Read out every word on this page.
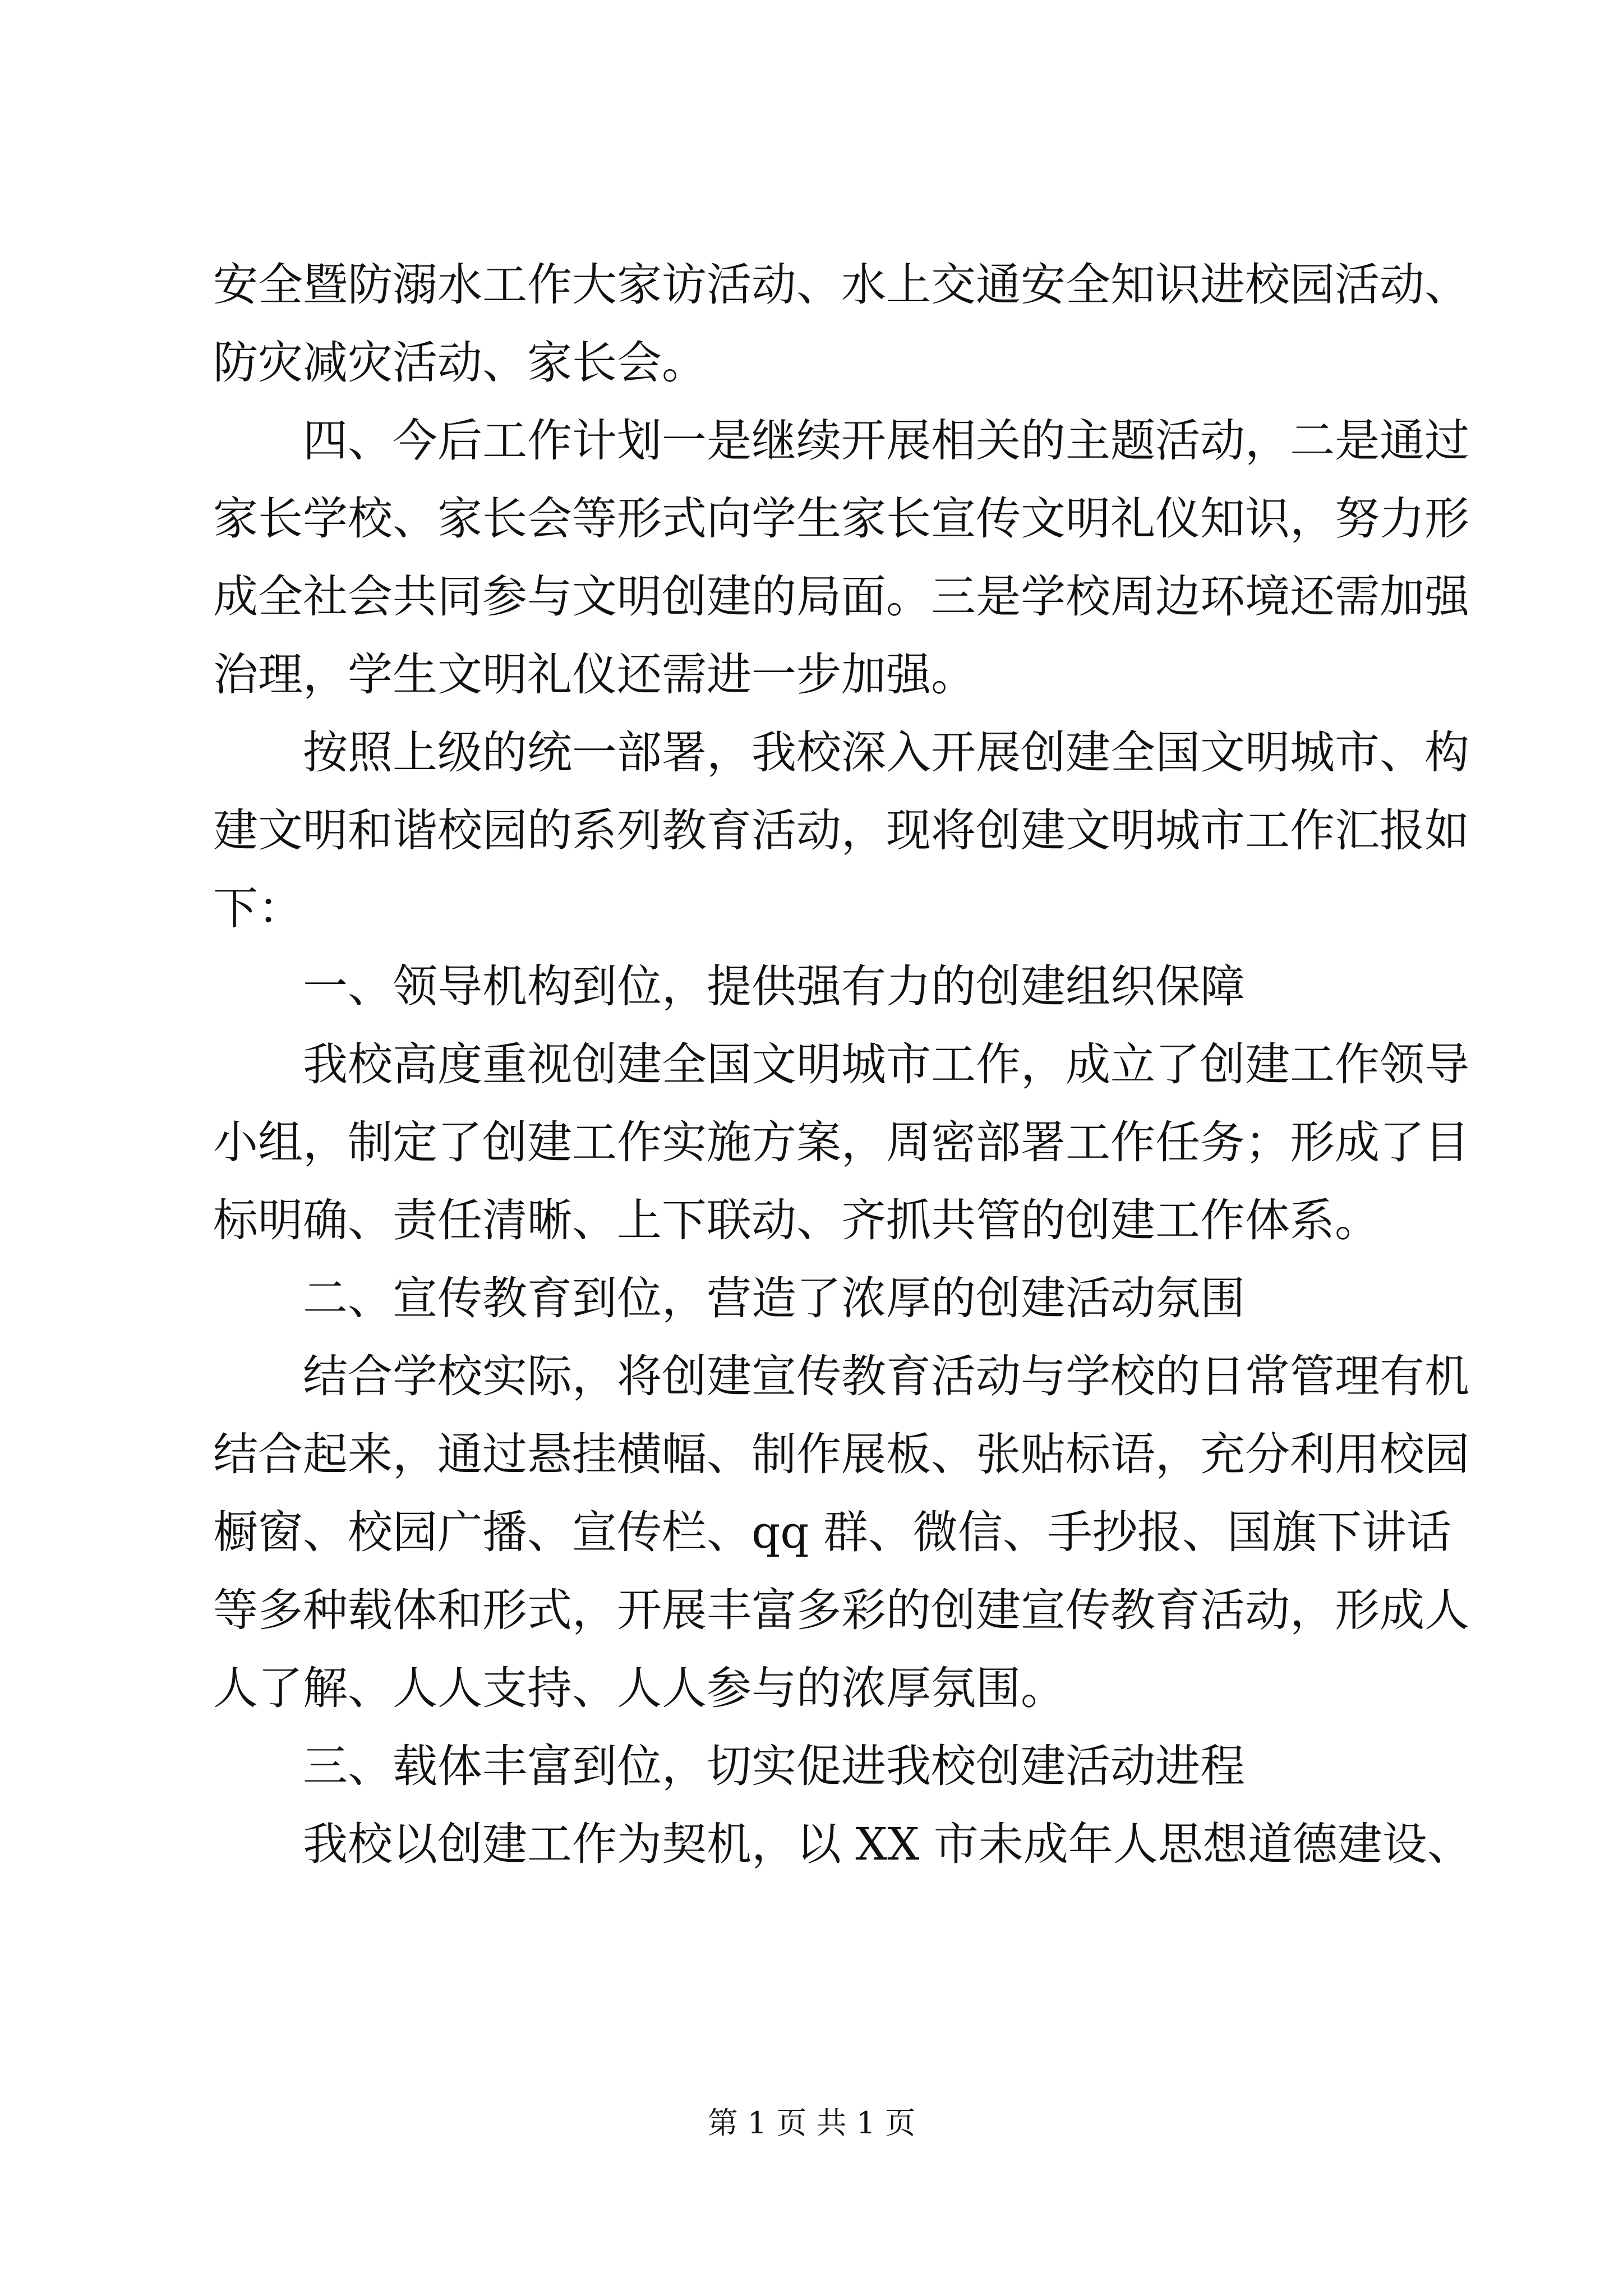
安全暨防溺水工作大家访活动、水上交通安全知识进校园活动、
防灾减灾活动、家长会。
四、今后工作计划一是继续开展相关的主题活动，二是通过
家长学校、家长会等形式向学生家长宣传文明礼仪知识，努力形
成全社会共同参与文明创建的局面。三是学校周边环境还需加强
治理，学生文明礼仪还需进一步加强。
按照上级的统一部署，我校深入开展创建全国文明城市、构
建文明和谐校园的系列教育活动，现将创建文明城市工作汇报如
下：
一、领导机构到位，提供强有力的创建组织保障
我校高度重视创建全国文明城市工作，成立了创建工作领导
小组，制定了创建工作实施方案，周密部署工作任务；形成了目
标明确、责任清晰、上下联动、齐抓共管的创建工作体系。
二、宣传教育到位，营造了浓厚的创建活动氛围
结合学校实际，将创建宣传教育活动与学校的日常管理有机
结合起来，通过悬挂横幅、制作展板、张贴标语，充分利用校园
橱窗、校园广播、宣传栏、qq 群、微信、手抄报、国旗下讲话
等多种载体和形式，开展丰富多彩的创建宣传教育活动，形成人
人了解、人人支持、人人参与的浓厚氛围。
三、载体丰富到位，切实促进我校创建活动进程
我校以创建工作为契机，以 XX 市未成年人思想道德建设、
第 1 页 共 1 页
